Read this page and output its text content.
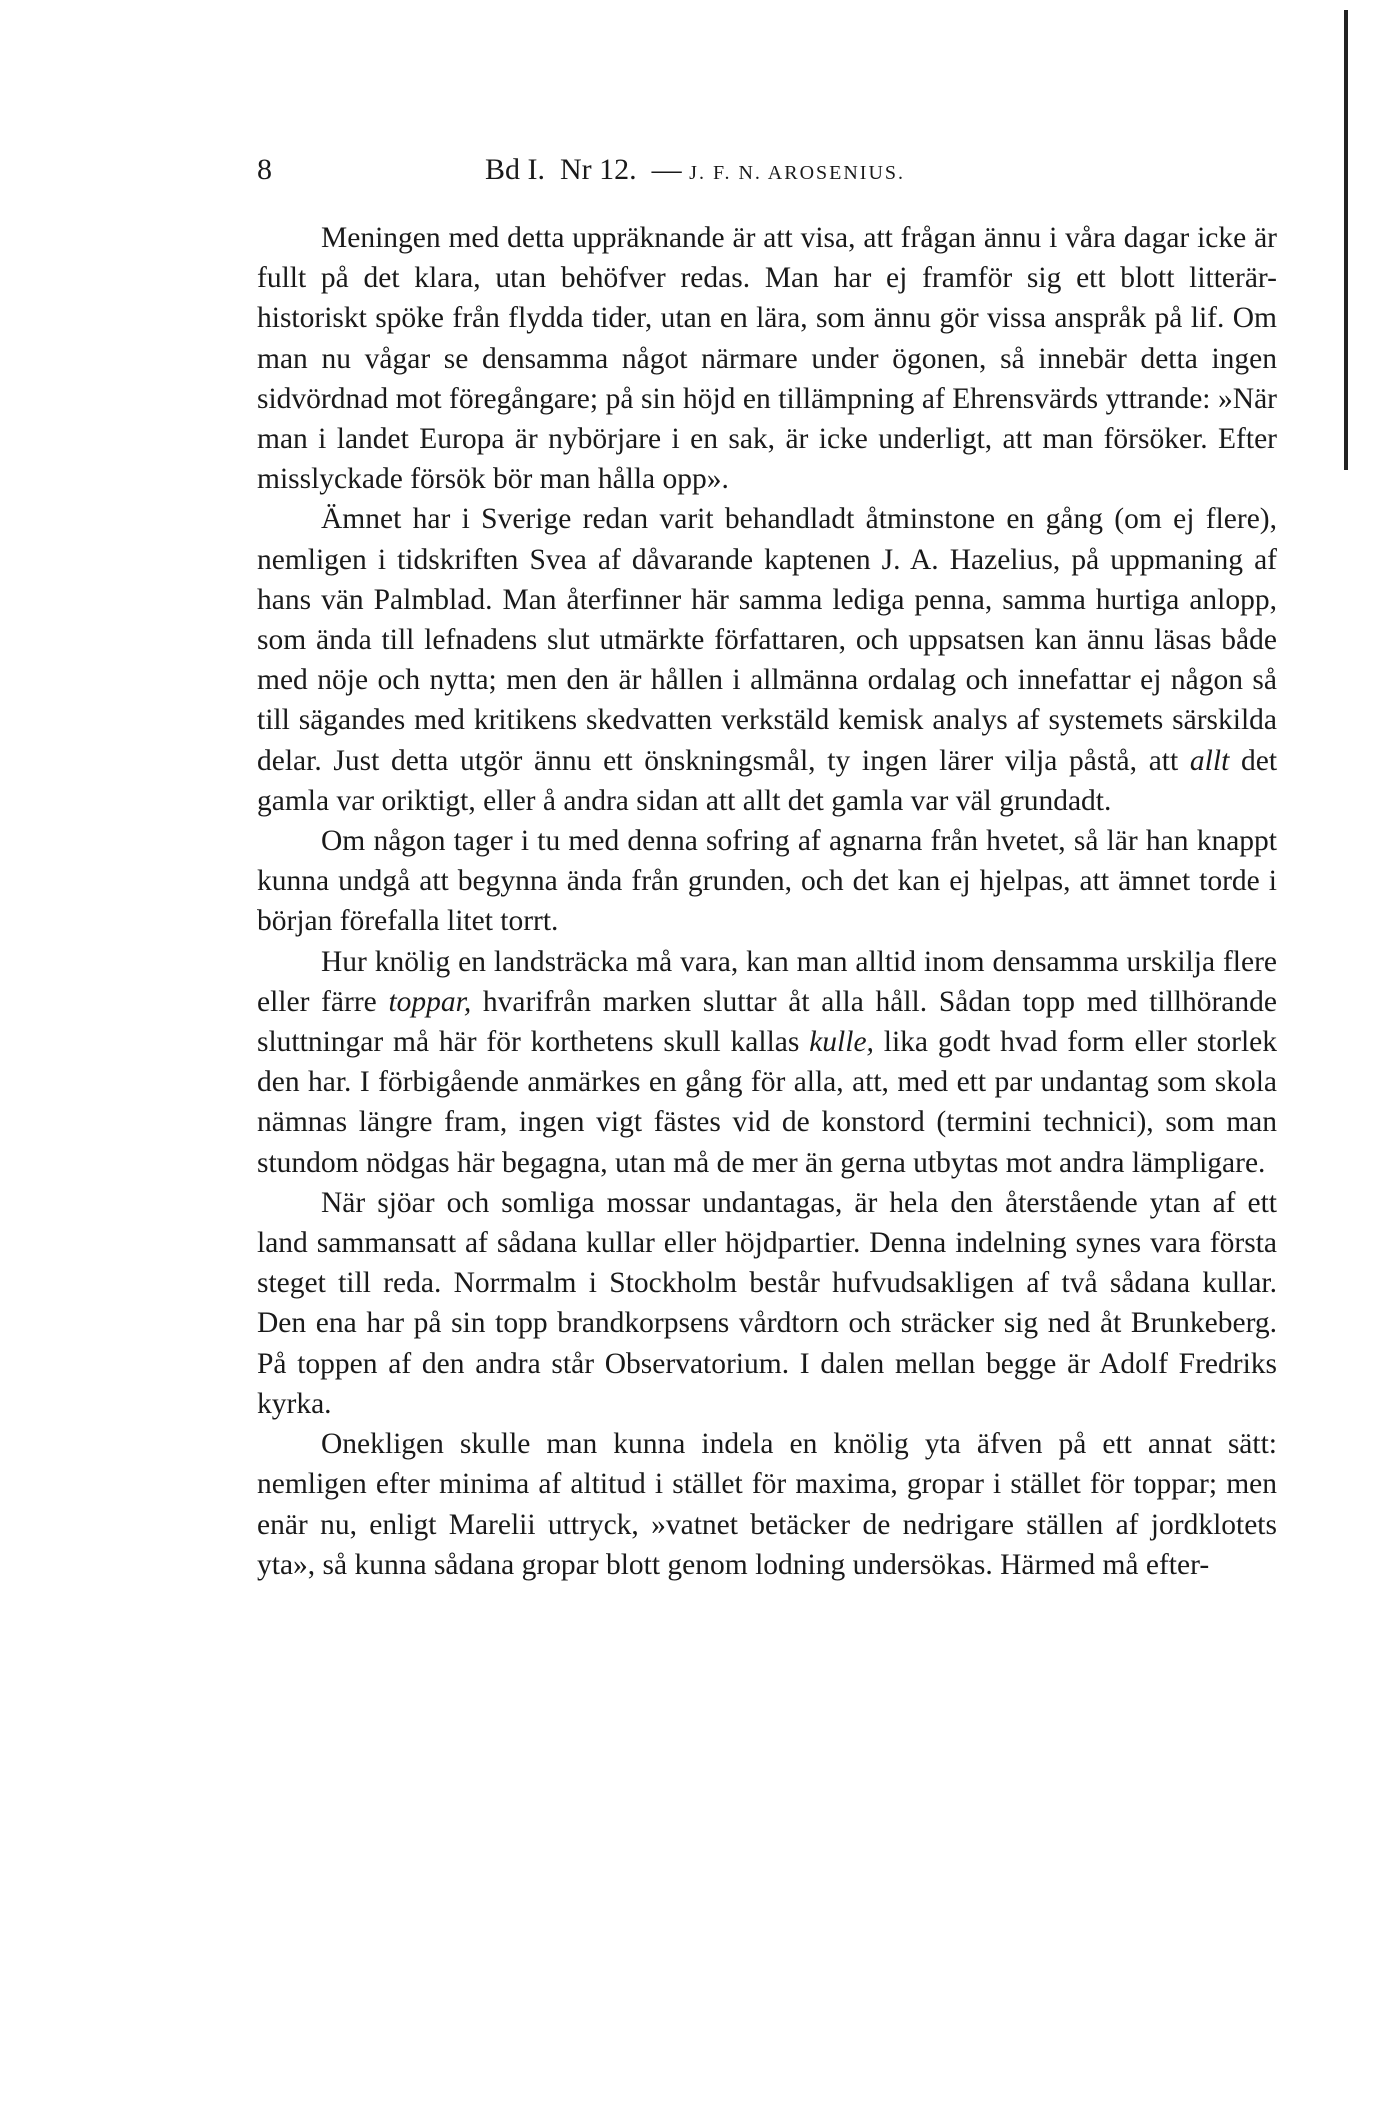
8	Bd I. Nr 12. — J. F. N. AROSENIUS.

Meningen med detta uppräknande är att visa, att frågan ännu i våra dagar icke är fullt på det klara, utan behöfver redas. Man har ej framför sig ett blott litterär-historiskt spöke från flydda tider, utan en lära, som ännu gör vissa anspråk på lif. Om man nu vågar se densamma något närmare under ögonen, så innebär detta ingen sidvördnad mot föregångare; på sin höjd en tillämpning af Ehrensvärds yttrande: »När man i landet Europa är nybörjare i en sak, är icke underligt, att man försöker. Efter misslyckade försök bör man hålla opp».

Ämnet har i Sverige redan varit behandladt åtminstone en gång (om ej flere), nemligen i tidskriften Svea af dåvarande kaptenen J. A. Hazelius, på uppmaning af hans vän Palmblad. Man återfinner här samma lediga penna, samma hurtiga anlopp, som ända till lefnadens slut utmärkte författaren, och uppsatsen kan ännu läsas både med nöje och nytta; men den är hållen i allmänna ordalag och innefattar ej någon så till sägandes med kritikens skedvatten verkstäld kemisk analys af systemets särskilda delar. Just detta utgör ännu ett önskningsmål, ty ingen lärer vilja påstå, att allt det gamla var oriktigt, eller å andra sidan att allt det gamla var väl grundadt.

Om någon tager i tu med denna sofring af agnarna från hvetet, så lär han knappt kunna undgå att begynna ända från grunden, och det kan ej hjelpas, att ämnet torde i början förefalla litet torrt.

Hur knölig en landsträcka må vara, kan man alltid inom densamma urskilja flere eller färre toppar, hvarifrån marken sluttar åt alla håll. Sådan topp med tillhörande sluttningar må här för korthetens skull kallas kulle, lika godt hvad form eller storlek den har. I förbigående anmärkes en gång för alla, att, med ett par undantag som skola nämnas längre fram, ingen vigt fästes vid de konstord (termini technici), som man stundom nödgas här begagna, utan må de mer än gerna utbytas mot andra lämpligare.

När sjöar och somliga mossar undantagas, är hela den återstående ytan af ett land sammansatt af sådana kullar eller höjdpartier. Denna indelning synes vara första steget till reda. Norrmalm i Stockholm består hufvudsakligen af två sådana kullar. Den ena har på sin topp brandkorpsens vårdtorn och sträcker sig ned åt Brunkeberg. På toppen af den andra står Observatorium. I dalen mellan begge är Adolf Fredriks kyrka.

Onekligen skulle man kunna indela en knölig yta äfven på ett annat sätt: nemligen efter minima af altitud i stället för maxima, gropar i stället för toppar; men enär nu, enligt Marelii uttryck, »vatnet betäcker de nedrigare ställen af jordklotets yta», så kunna sådana gropar blott genom lodning undersökas. Härmed må efter-
